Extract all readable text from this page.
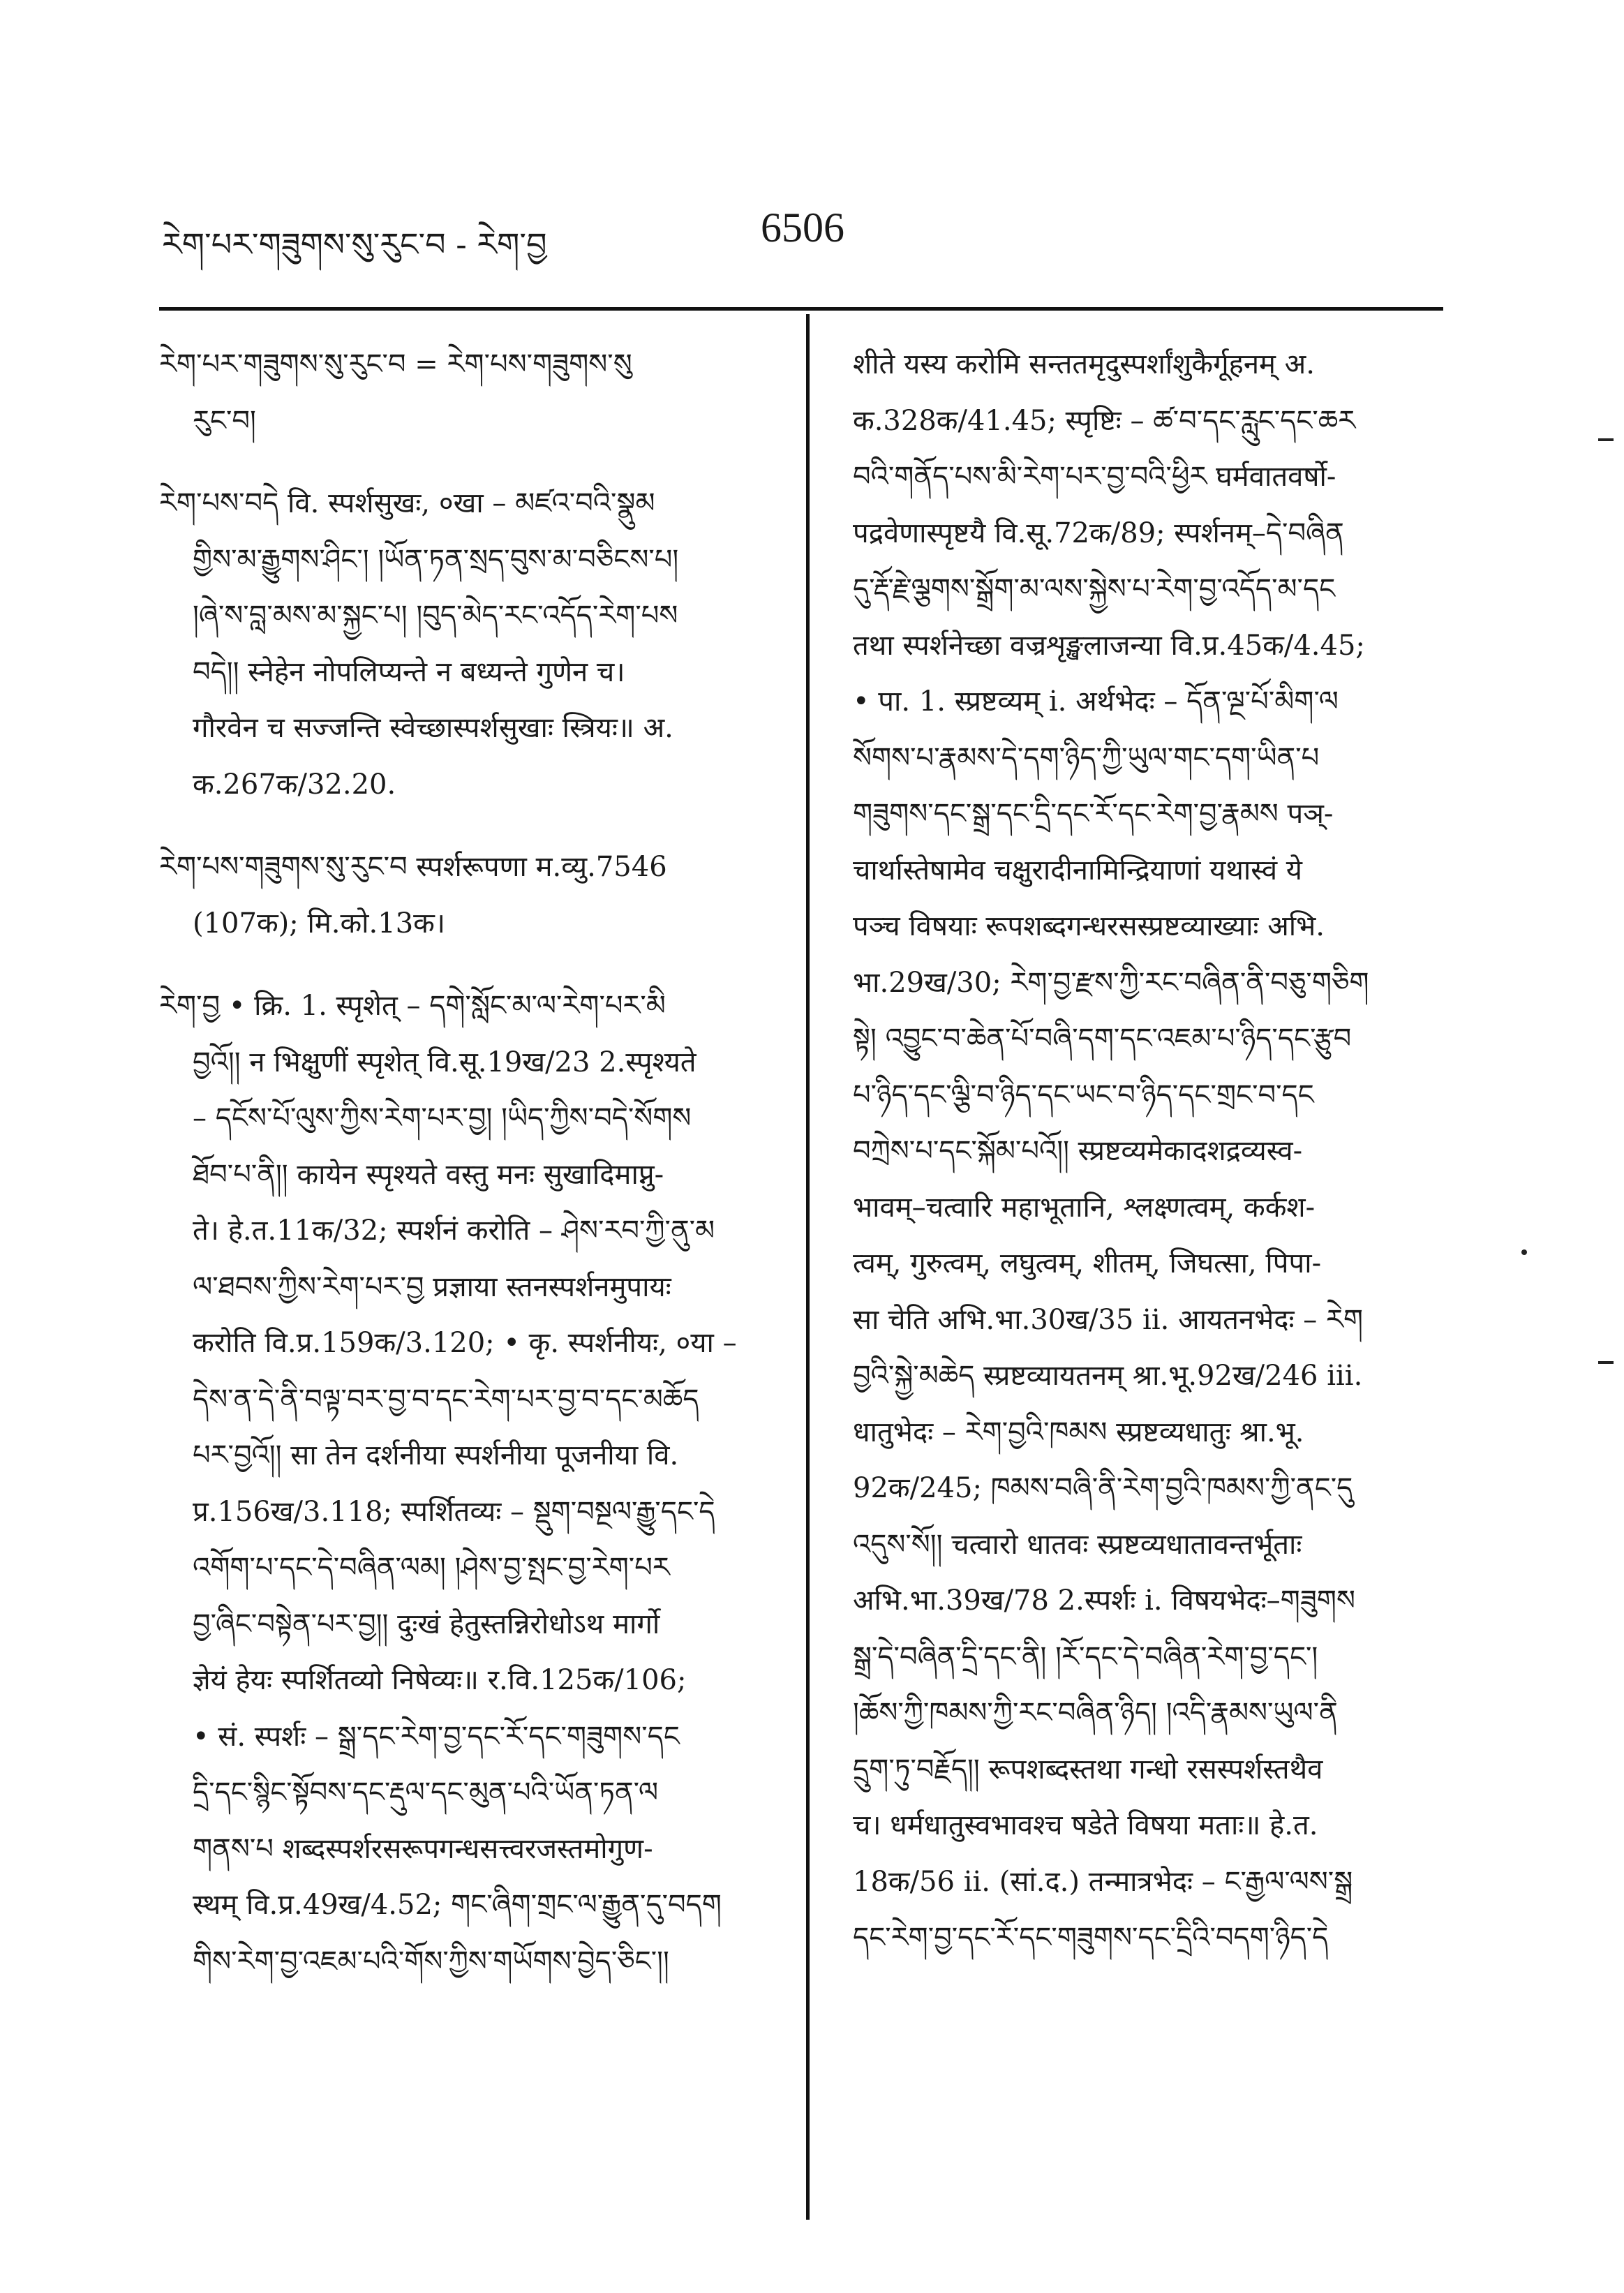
རེག་པར་གཟུགས་སུ་རུང་བ - རེག་བྱ	6506
རེག་པར་གཟུགས་སུ་རུང་བ = རེག་པས་གཟུགས་སུ
རུང་བ།
རེག་པས་བདེ वि. स्पर्शसुखः, ०खा – མཛའ་བའི་སྣུམ
གྱིས་མ་རྒྱུགས་ཤིང་། །ཡོན་ཏན་སྲད་བུས་མ་བཅིངས་པ།
།ཞེ་ས་བླ་མས་མ་སྐྱང་པ། །བུད་མེད་རང་འདོད་རེག་པས
བདེ།། स्नेहेन नोपलिप्यन्ते न बध्यन्ते गुणेन च।
गौरवेन च सज्जन्ति स्वेच्छास्पर्शसुखाः स्त्रियः॥ अ.
क.267क/32.20.
རེག་པས་གཟུགས་སུ་རུང་བ स्पर्शरूपणा म.व्यु.7546
(107क); मि.को.13क।
རེག་བྱ • क्रि. 1. स्पृशेत् – དགེ་སློང་མ་ལ་རེག་པར་མི
བྱའོ།། न भिक्षुणीं स्पृशेत् वि.सू.19ख/23 2.स्पृश्यते
– དངོས་པོ་ལུས་ཀྱིས་རེག་པར་བྱ། །ཡིད་ཀྱིས་བདེ་སོགས
ཐོབ་པ་ནི།། कायेन स्पृश्यते वस्तु मनः सुखादिमाप्नु-
ते। हे.त.11क/32; स्पर्शनं करोति – ཤེས་རབ་ཀྱི་ནུ་མ
ལ་ཐབས་ཀྱིས་རེག་པར་བྱ प्रज्ञाया स्तनस्पर्शनमुपायः
करोति वि.प्र.159क/3.120; • कृ. स्पर्शनीयः, ०या –
དེས་ན་དེ་ནི་བལྟ་བར་བྱ་བ་དང་རེག་པར་བྱ་བ་དང་མཆོད
པར་བྱའོ།། सा तेन दर्शनीया स्पर्शनीया पूजनीया वि.
प्र.156ख/3.118; स्पर्शितव्यः – སྡུག་བསྔལ་རྒྱུ་དང་དེ
འགོག་པ་དང་དེ་བཞིན་ལམ། །ཤེས་བྱ་སྤང་བྱ་རེག་པར
བྱ་ཞིང་བསྟེན་པར་བྱ།། दुःखं हेतुस्तन्निरोधोऽथ मार्गो
ज्ञेयं हेयः स्पर्शितव्यो निषेव्यः॥ र.वि.125क/106;
• सं. स्पर्शः – སྒྲ་དང་རེག་བྱ་དང་རོ་དང་གཟུགས་དང
དྲི་དང་སྙིང་སྟོབས་དང་རྡུལ་དང་མུན་པའི་ཡོན་ཏན་ལ
གནས་པ शब्दस्पर्शरसरूपगन्धसत्त्वरजस्तमोगुण-
स्थम् वि.प्र.49ख/4.52; གང་ཞིག་གྲང་ལ་རྒྱུན་དུ་བདག
གིས་རེག་བྱ་འཇམ་པའི་གོས་ཀྱིས་གཡོགས་བྱེད་ཅིང་།།
शीते यस्य करोमि सन्ततमृदुस्पर्शांशुकैर्गूहनम् अ.
क.328क/41.45; स्पृष्टिः – ཚ་བ་དང་རླུང་དང་ཆར
བའི་གནོད་པས་མི་རེག་པར་བྱ་བའི་ཕྱིར घर्मवातवर्षो-
पद्रवेणास्पृष्टयै वि.सू.72क/89; स्पर्शनम्–དེ་བཞིན
དུ་རྡོ་རྗེ་ལྕགས་སྒྲོག་མ་ལས་སྐྱེས་པ་རེག་བྱ་འདོད་མ་དང
तथा स्पर्शनेच्छा वज्रशृङ्खलाजन्या वि.प्र.45क/4.45;
• पा. 1. स्प्रष्टव्यम् i. अर्थभेदः – དོན་ལྔ་པོ་མིག་ལ
སོགས་པ་རྣམས་དེ་དག་ཉིད་ཀྱི་ཡུལ་གང་དག་ཡིན་པ
གཟུགས་དང་སྒྲ་དང་དྲི་དང་རོ་དང་རེག་བྱ་རྣམས पञ्-
चार्थास्तेषामेव चक्षुरादीनामिन्द्रियाणां यथास्वं ये
पञ्च विषयाः रूपशब्दगन्धरसस्प्रष्टव्याख्याः अभि.
भा.29ख/30; རེག་བྱ་རྫས་ཀྱི་རང་བཞིན་ནི་བཅུ་གཅིག
སྟེ། འབྱུང་བ་ཆེན་པོ་བཞི་དག་དང་འཇམ་པ་ཉིད་དང་རྩུབ
པ་ཉིད་དང་ལྕི་བ་ཉིད་དང་ཡང་བ་ཉིད་དང་གྲང་བ་དང
བཀྲེས་པ་དང་སྐོམ་པའོ།། स्प्रष्टव्यमेकादशद्रव्यस्व-
भावम्–चत्वारि महाभूतानि, श्लक्ष्णत्वम्, कर्कश-
त्वम्, गुरुत्वम्, लघुत्वम्, शीतम्, जिघत्सा, पिपा-
सा चेति अभि.भा.30ख/35 ii. आयतनभेदः – རེག
བྱའི་སྐྱེ་མཆེད स्प्रष्टव्यायतनम् श्रा.भू.92ख/246 iii.
धातुभेदः – རེག་བྱའི་ཁམས स्प्रष्टव्यधातुः श्रा.भू.
92क/245; ཁམས་བཞི་ནི་རེག་བྱའི་ཁམས་ཀྱི་ནང་དུ
འདུས་སོ།། चत्वारो धातवः स्प्रष्टव्यधातावन्तर्भूताः
अभि.भा.39ख/78 2.स्पर्शः i. विषयभेदः–གཟུགས
སྒྲ་དེ་བཞིན་དྲི་དང་ནི། །རོ་དང་དེ་བཞིན་རེག་བྱ་དང་།
།ཆོས་ཀྱི་ཁམས་ཀྱི་རང་བཞིན་ཉིད། །འདི་རྣམས་ཡུལ་ནི
དྲུག་ཏུ་བརྗོད།། रूपशब्दस्तथा गन्धो रसस्पर्शस्तथैव
च। धर्मधातुस्वभावश्च षडेते विषया मताः॥ हे.त.
18क/56 ii. (सां.द.) तन्मात्रभेदः – ང་རྒྱལ་ལས་སྒྲ
དང་རེག་བྱ་དང་རོ་དང་གཟུགས་དང་དྲིའི་བདག་ཉིད་དེ
